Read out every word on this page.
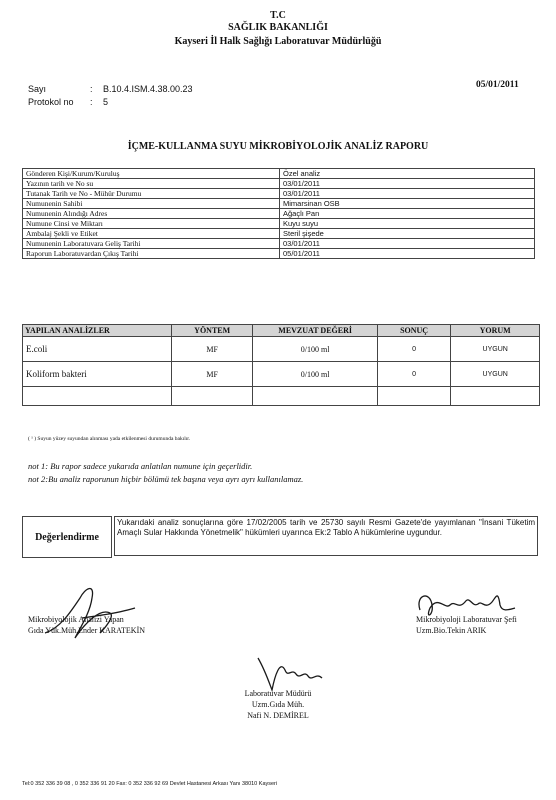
T.C
SAĞLIK BAKANLIĞI
Kayseri İl Halk Sağlığı Laboratuvar Müdürlüğü
Sayı	: B.10.4.ISM.4.38.00.23
Protokol no : 5
05/01/2011
İÇME-KULLANMA SUYU MİKROBİYOLOJİK ANALİZ RAPORU
Gönderen Kişi/Kurum/Kuruluş	Özel analiz
Yazının tarih ve No su	03/01/2011
Tutanak Tarih ve No - Mühür Durumu	03/01/2011
Numunenin Sahibi	Mimarsinan OSB
Numunenin Alındığı Adres	Ağaçlı Pan
Numune Cinsi ve Miktarı	Kuyu suyu
Ambalaj Şekli ve Etiket	Steril şişede
Numunenin Laboratuvara Geliş Tarihi	03/01/2011
Raporun Laboratuvardan Çıkış Tarihi	05/01/2011
YAPILAN ANALİZLER	YÖNTEM	MEVZUAT DEĞERİ	SONUÇ	YORUM
E.coli	MF	0/100 ml	0	UYGUN
Koliform bakteri	MF	0/100 ml	0	UYGUN

( ¹ ) Suyun yüzey suyundan alınması yada etkilenmesi durumunda bakılır.
not 1: Bu rapor sadece yukarıda anlatılan numune için geçerlidir.
not 2:Bu analiz raporunun hiçbir bölümü tek başına veya ayrı ayrı kullanılamaz.
Değerlendirme
Yukarıdaki analiz sonuçlarına göre 17/02/2005 tarih ve 25730 sayılı Resmi Gazete'de yayımlanan "İnsani Tüketim Amaçlı Sular Hakkında Yönetmelik" hükümleri uyarınca Ek:2 Tablo A hükümlerine uygundur.
Mikrobiyolojik Analizi Yapan
Gıda Yük.Müh.Ender KARATEKİN
Mikrobiyoloji Laboratuvar Şefi
Uzm.Bio.Tekin ARIK
Laboratuvar Müdürü
Uzm.Gıda Müh.
Nafi N. DEMİREL
Tel:0 352 336 39 08 , 0 352 336 91 20 Fax: 0 352 336 92 69 Devlet Hastanesi Arkası Yanı 38010 Kayseri
